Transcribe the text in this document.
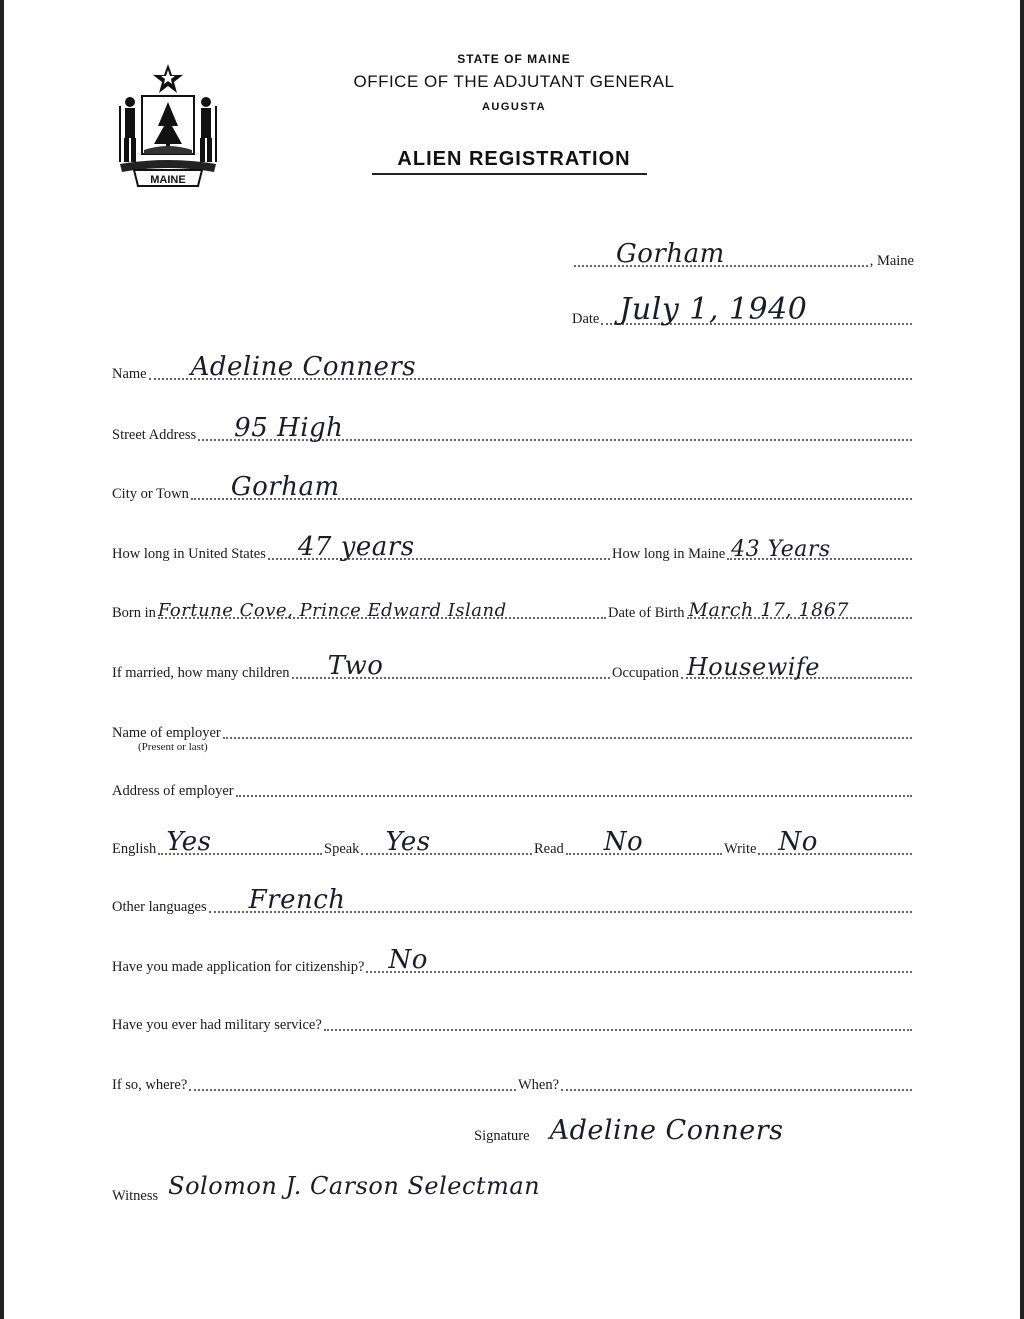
MAINE
STATE OF MAINE
OFFICE OF THE ADJUTANT GENERAL
AUGUSTA
ALIEN REGISTRATION
Gorham	, Maine
Date July 1, 1940
Name Adeline Conners
Street Address 95 High
City or Town Gorham
How long in United States 47 years	How long in Maine 43 Years
Born in Fortune Cove, Prince Edward Island	Date of Birth March 17, 1867
If married, how many children Two	Occupation Housewife
Name of employer
(Present or last)
Address of employer
English Yes	Speak Yes	Read No	Write No
Other languages French
Have you made application for citizenship? No
Have you ever had military service?
If so, where?	When?
Signature Adeline Conners
Witness Solomon J. Carson Selectman
